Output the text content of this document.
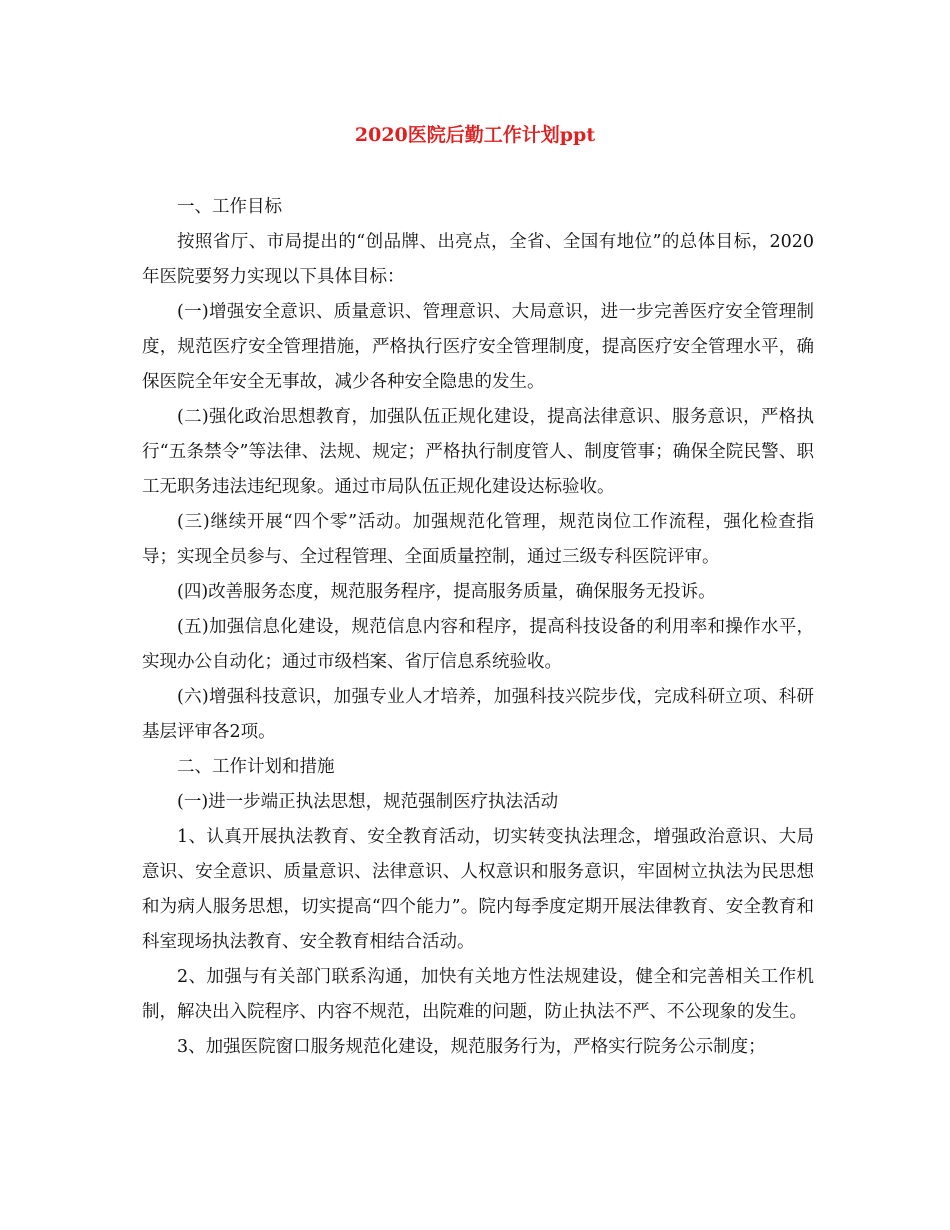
2020医院后勤工作计划ppt

一、工作目标

按照省厅、市局提出的“创品牌、出亮点，全省、全国有地位”的总体目标，2020年医院要努力实现以下具体目标：

(一)增强安全意识、质量意识、管理意识、大局意识，进一步完善医疗安全管理制度，规范医疗安全管理措施，严格执行医疗安全管理制度，提高医疗安全管理水平，确保医院全年安全无事故，减少各种安全隐患的发生。

(二)强化政治思想教育，加强队伍正规化建设，提高法律意识、服务意识，严格执行“五条禁令”等法律、法规、规定；严格执行制度管人、制度管事；确保全院民警、职工无职务违法违纪现象。通过市局队伍正规化建设达标验收。

(三)继续开展“四个零”活动。加强规范化管理，规范岗位工作流程，强化检查指导；实现全员参与、全过程管理、全面质量控制，通过三级专科医院评审。

(四)改善服务态度，规范服务程序，提高服务质量，确保服务无投诉。

(五)加强信息化建设，规范信息内容和程序，提高科技设备的利用率和操作水平，实现办公自动化；通过市级档案、省厅信息系统验收。

(六)增强科技意识，加强专业人才培养，加强科技兴院步伐，完成科研立项、科研基层评审各2项。

二、工作计划和措施

(一)进一步端正执法思想，规范强制医疗执法活动

1、认真开展执法教育、安全教育活动，切实转变执法理念，增强政治意识、大局意识、安全意识、质量意识、法律意识、人权意识和服务意识，牢固树立执法为民思想和为病人服务思想，切实提高“四个能力”。院内每季度定期开展法律教育、安全教育和科室现场执法教育、安全教育相结合活动。

2、加强与有关部门联系沟通，加快有关地方性法规建设，健全和完善相关工作机制，解决出入院程序、内容不规范，出院难的问题，防止执法不严、不公现象的发生。

3、加强医院窗口服务规范化建设，规范服务行为，严格实行院务公示制度；
